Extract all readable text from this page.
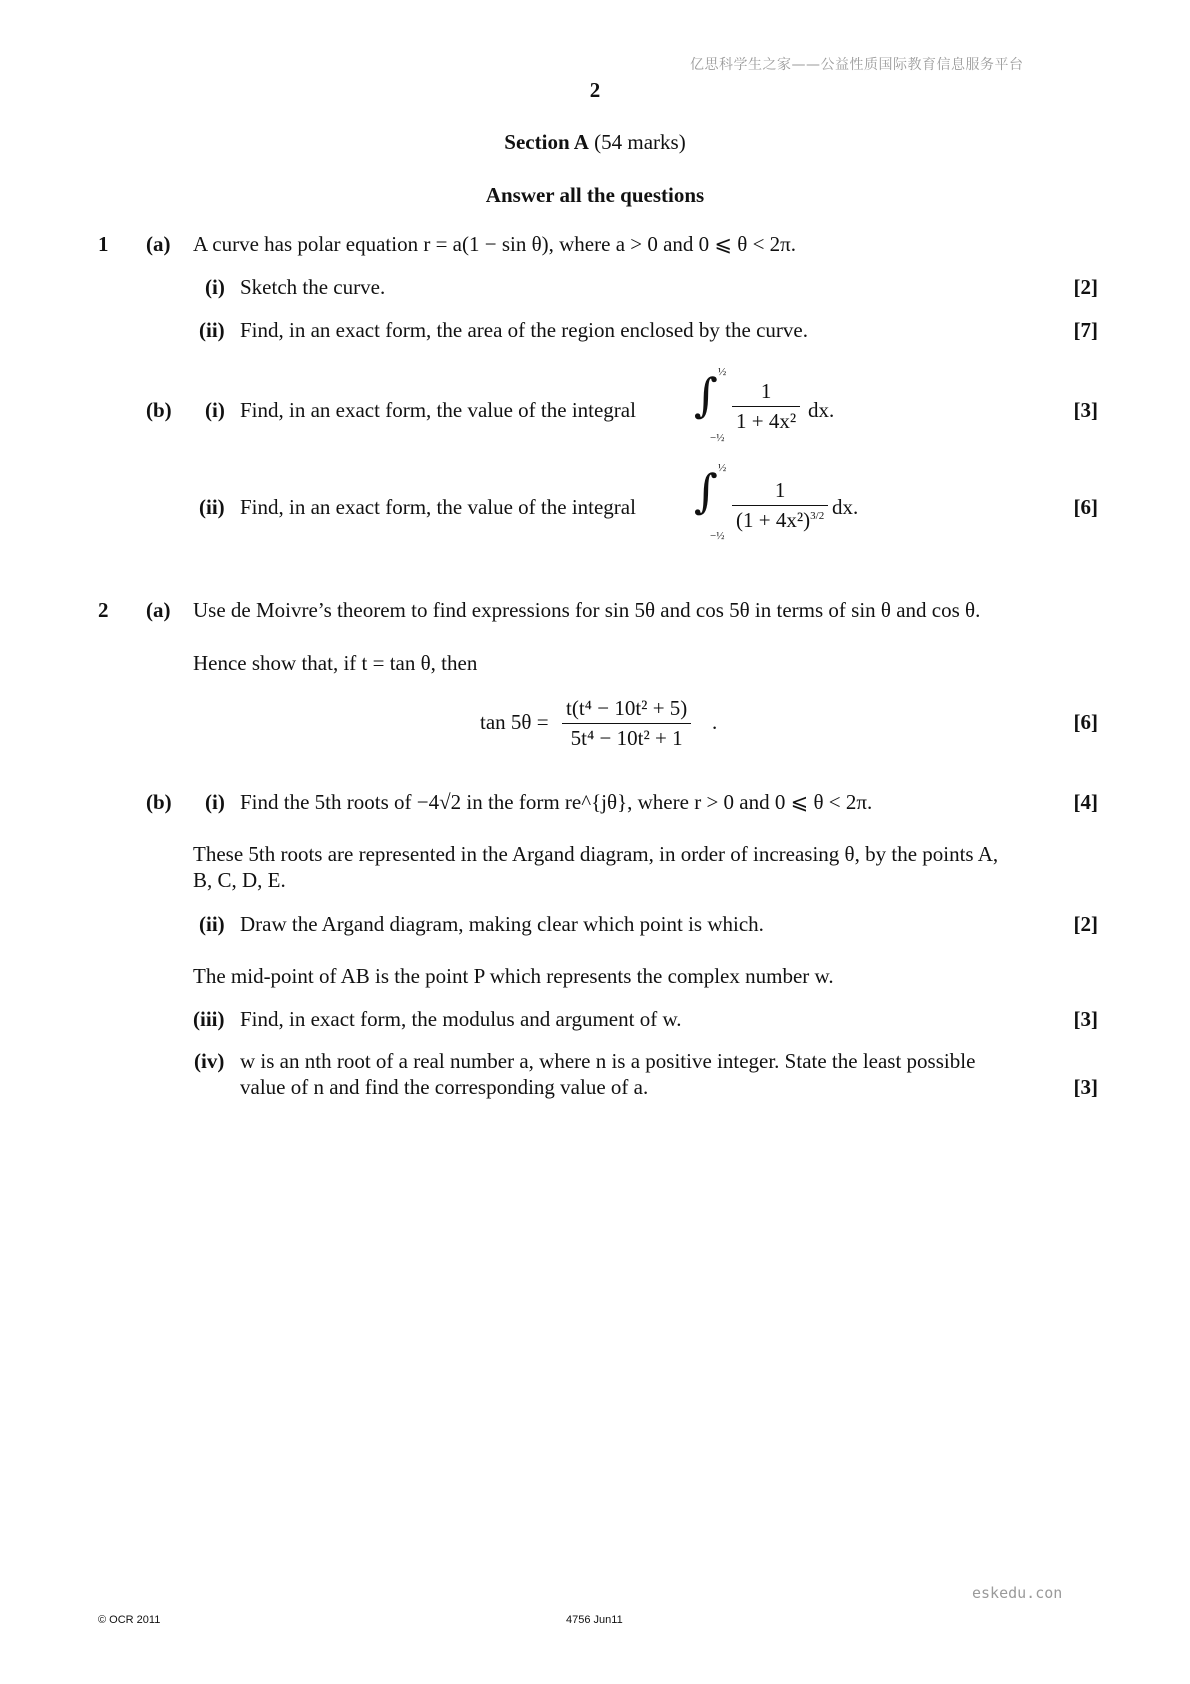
亿思科学生之家——公益性质国际教育信息服务平台
2
Section A (54 marks)
Answer all the questions
1 (a) A curve has polar equation r = a(1 − sin θ), where a > 0 and 0 ⩽ θ < 2π.
(i) Sketch the curve.	[2]
(ii) Find, in an exact form, the area of the region enclosed by the curve.	[7]
(b) (i) Find, in an exact form, the value of the integral	[3]
∫ ½
−½
$\frac{1}{\text{1 + 4x²}}$ dx.
(ii) Find, in an exact form, the value of the integral	[6]
∫ ½
−½
$\frac{1}{(1 + 4x^2)^{3/2}}$ dx.
2 (a) Use de Moivre’s theorem to find expressions for sin 5θ and cos 5θ in terms of sin θ and cos θ.
Hence show that, if t = tan θ, then
$\tan 5\theta = \frac{\text{t(t⁴ − 10t² + 5)}}{\text{5t⁴ − 10t² + 1}}$ .	[6]
(b) (i) Find the 5th roots of −4√2 in the form re^{jθ}, where r > 0 and 0 ⩽ θ < 2π.	[4]
These 5th roots are represented in the Argand diagram, in order of increasing θ, by the points A,
B, C, D, E.
(ii) Draw the Argand diagram, making clear which point is which.	[2]
The mid-point of AB is the point P which represents the complex number w.
(iii) Find, in exact form, the modulus and argument of w.	[3]
(iv) w is an nth root of a real number a, where n is a positive integer. State the least possible
value of n and find the corresponding value of a.	[3]
eskedu.con
© OCR 2011	4756 Jun11
